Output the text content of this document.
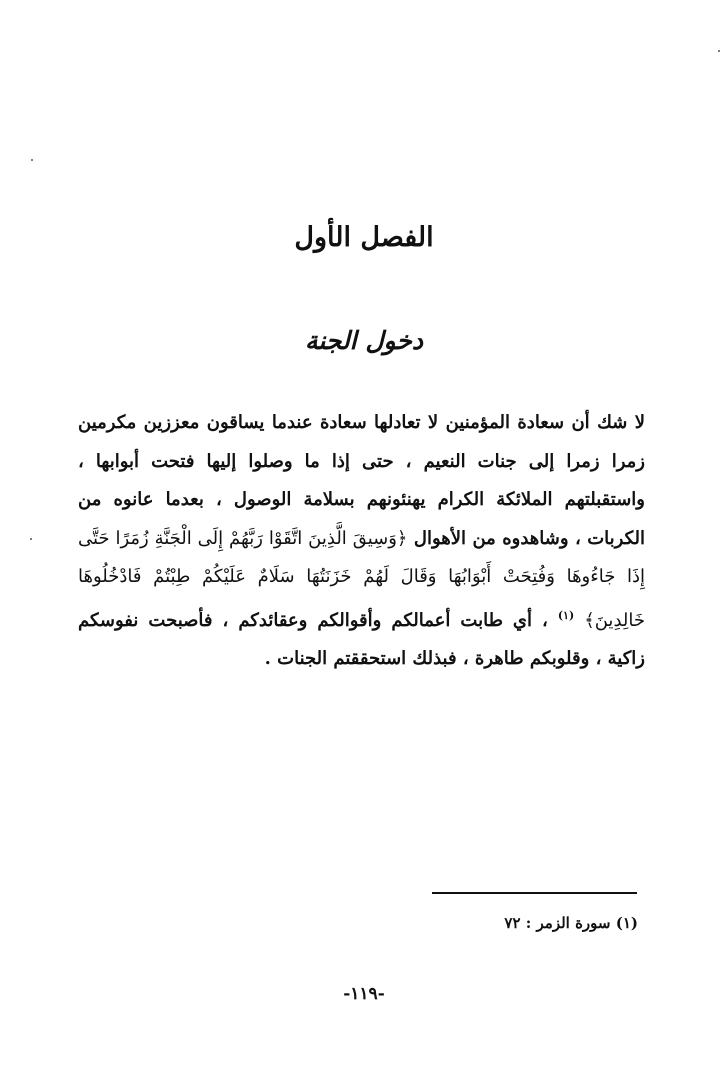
الفصل الأول
دخول الجنة

لا شك أن سعادة المؤمنين لا تعادلها سعادة عندما يساقون معززين مكرمين زمرا زمرا إلى جنات النعيم ، حتى إذا ما وصلوا إليها فتحت أبوابها ، واستقبلتهم الملائكة الكرام يهنئونهم بسلامة الوصول ، بعدما عانوه من الكربات ، وشاهدوه من الأهوال ﴿وَسِيقَ الَّذِينَ اتَّقَوْا رَبَّهُمْ إِلَى الْجَنَّةِ زُمَرًا حَتَّى إِذَا جَاءُوهَا وَفُتِحَتْ أَبْوَابُهَا وَقَالَ لَهُمْ خَزَنَتُهَا سَلَامٌ عَلَيْكُمْ طِبْتُمْ فَادْخُلُوهَا خَالِدِينَ﴾ $^{(١)}$ ، أي طابت أعمالكم وأقوالكم وعقائدكم ، فأصبحت نفوسكم زاكية ، وقلوبكم طاهرة ، فبذلك استحققتم الجنات .

(١) سورة الزمر : ٧٢
-١١٩-
